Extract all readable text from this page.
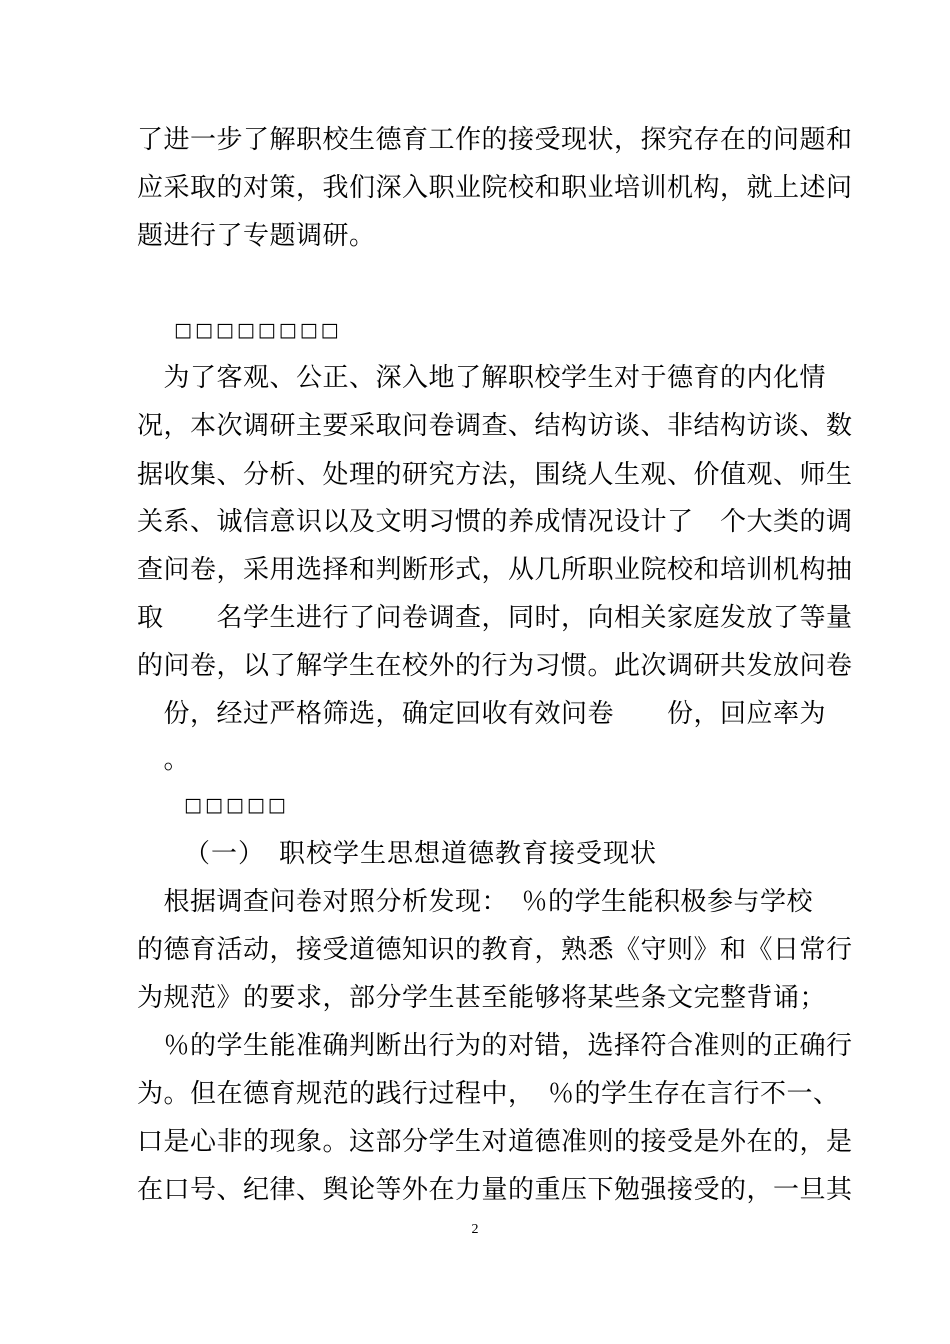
了进一步了解职校生德育工作的接受现状，探究存在的问题和
应采取的对策，我们深入职业院校和职业培训机构，就上述问
题进行了专题调研。
□□□□□□□□
　为了客观、公正、深入地了解职校学生对于德育的内化情
况，本次调研主要采取问卷调查、结构访谈、非结构访谈、数
据收集、分析、处理的研究方法，围绕人生观、价值观、师生
关系、诚信意识以及文明习惯的养成情况设计了　个大类的调
查问卷，采用选择和判断形式，从几所职业院校和培训机构抽
取　　名学生进行了问卷调查，同时，向相关家庭发放了等量
的问卷，以了解学生在校外的行为习惯。此次调研共发放问卷
　份，经过严格筛选，确定回收有效问卷　　份，回应率为
　。
□□□□□
（一）　职校学生思想道德教育接受现状
　根据调查问卷对照分析发现：　％的学生能积极参与学校
的德育活动，接受道德知识的教育，熟悉《守则》和《日常行
为规范》的要求，部分学生甚至能够将某些条文完整背诵；
　％的学生能准确判断出行为的对错，选择符合准则的正确行
为。但在德育规范的践行过程中，　％的学生存在言行不一、
口是心非的现象。这部分学生对道德准则的接受是外在的，是
在口号、纪律、舆论等外在力量的重压下勉强接受的，一旦其
2
